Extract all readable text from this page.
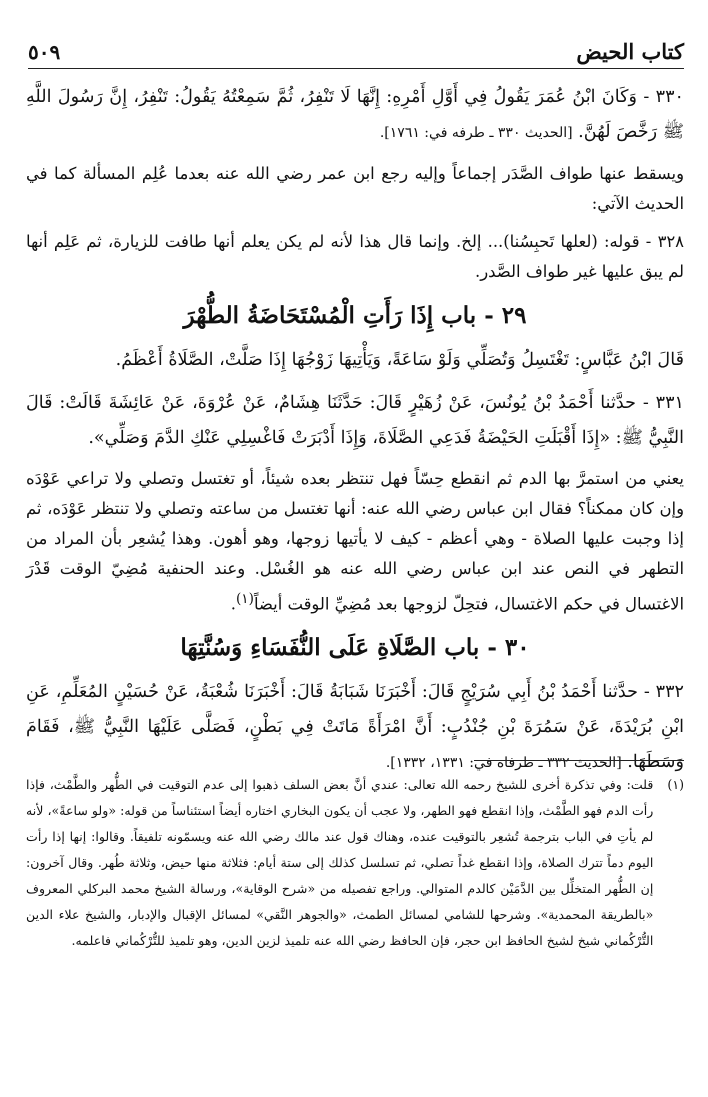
كتاب الحيض
٥٠٩

٣٣٠ - وَكَانَ ابْنُ عُمَرَ يَقُولُ فِي أَوَّلِ أَمْرِهِ: إِنَّهَا لَا تَنْفِرُ، ثُمَّ سَمِعْتُهُ يَقُولُ: تَنْفِرُ، إِنَّ رَسُولَ اللَّهِ ﷺ رَخَّصَ لَهُنَّ. [الحديث ٣٣٠ ـ طرفه في: ١٧٦١].

ويسقط عنها طواف الصَّدَر إجماعاً وإليه رجع ابن عمر رضي الله عنه بعدما عُلِم المسألة كما في الحديث الآتي:

٣٢٨ - قوله: (لعلها تَحبِسُنا)... إلخ. وإنما قال هذا لأنه لم يكن يعلم أنها طافت للزيارة، ثم عَلِم أنها لم يبق عليها غير طواف الصَّدر.

٢٩ - باب إِذَا رَأَتِ الْمُسْتَحَاضَةُ الطُّهْرَ

قَالَ ابْنُ عَبَّاسٍ: تَغْتَسِلُ وَتُصَلِّي وَلَوْ سَاعَةً، وَيَأْتِيهَا زَوْجُهَا إِذَا صَلَّتْ، الصَّلَاةُ أَعْظَمُ.

٣٣١ - حدَّثنا أَحْمَدُ بْنُ يُونُسَ، عَنْ زُهَيْرٍ قَالَ: حَدَّثَنَا هِشَامٌ، عَنْ عُرْوَةَ، عَنْ عَائِشَةَ قَالَتْ: قَالَ النَّبِيُّ ﷺ: «إِذَا أَقْبَلَتِ الحَيْضَةُ فَدَعِي الصَّلَاةَ، وَإِذَا أَدْبَرَتْ فَاغْسِلِي عَنْكِ الدَّمَ وَصَلِّي».

يعني من استمرَّ بها الدم ثم انقطع حِسّاً فهل تنتظر بعده شيئاً، أو تغتسل وتصلي ولا تراعي عَوْدَه وإن كان ممكناً؟ فقال ابن عباس رضي الله عنه: أنها تغتسل من ساعته وتصلي ولا تنتظر عَوْدَه، ثم إذا وجبت عليها الصلاة - وهي أعظم - كيف لا يأتيها زوجها، وهو أهون. وهذا يُشعِر بأن المراد من التطهر في النص عند ابن عباس رضي الله عنه هو الغُسْل. وعند الحنفية مُضِيّ الوقت قَدْرَ الاغتسال في حكم الاغتسال، فتحِلّ لزوجها بعد مُضِيِّ الوقت أيضاً$^{(١)}$.

٣٠ - باب الصَّلَاةِ عَلَى النُّفَسَاءِ وَسُنَّتِهَا

٣٣٢ - حدَّثنا أَحْمَدُ بْنُ أَبِي سُرَيْجٍ قَالَ: أَخْبَرَنَا شَبَابَةُ قَالَ: أَخْبَرَنَا شُعْبَةُ، عَنْ حُسَيْنٍ المُعَلِّمِ، عَنِ ابْنِ بُرَيْدَةَ، عَنْ سَمُرَةَ بْنِ جُنْدُبٍ: أَنَّ امْرَأَةً مَاتَتْ فِي بَطْنٍ، فَصَلَّى عَلَيْهَا النَّبِيُّ ﷺ، فَقَامَ وَسَطَهَا. [الحديث ٣٣٢ ـ طرفاه في: ١٣٣١، ١٣٣٢].

(١)
قلت: وفي تذكرة أخرى للشيخ رحمه الله تعالى: عندي أنَّ بعض السلف ذهبوا إلى عدم التوقيت في الطُّهر والطَّمْث، فإذا رأت الدم فهو الطَّمْث، وإذا انقطع فهو الطهر، ولا عجب أن يكون البخاري اختاره أيضاً استئناساً من قوله: «ولو ساعةً»، لأنه لم يأتِ في الباب بترجمة تُشعِر بالتوقيت عنده، وهناك قول عند مالك رضي الله عنه ويسمّونه تلفيقاً. وقالوا: إنها إذا رأت اليوم دماً تترك الصلاة، وإذا انقطع غداً تصلي، ثم تسلسل كذلك إلى ستة أيام: فثلاثة منها حيض، وثلاثة طُهر. وقال آخرون: إن الطُّهر المتخلِّل بين الدَّمَيْن كالدم المتوالي. وراجع تفصيله من «شرح الوقاية»، ورسالة الشيخ محمد البركلي المعروف «بالطريقة المحمدية». وشرحها للشامي لمسائل الطمث، «والجوهر النَّقي» لمسائل الإقبال والإدبار، والشيخ علاء الدين التُّرْكُماني شيخ لشيخ الحافظ ابن حجر، فإن الحافظ رضي الله عنه تلميذ لزين الدين، وهو تلميذ للتُّرْكُماني فاعلمه.
